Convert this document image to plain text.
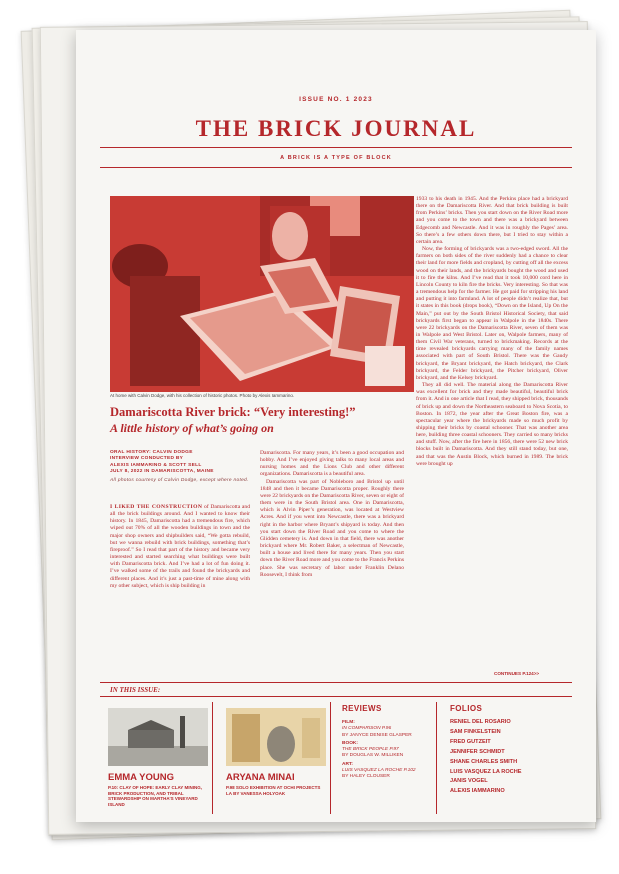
ISSUE NO. 1 2023
THE BRICK JOURNAL
A BRICK IS A TYPE OF BLOCK
At home with Calvin Dodge, with his collection of historic photos. Photo by Alexis Iammarino.
Damariscotta River brick: “Very interesting!”
A little history of what’s going on
ORAL HISTORY: CALVIN DODGE
INTERVIEW CONDUCTED BY
ALEXIS IAMMARINO & SCOTT SELL
JULY 8, 2022 IN DAMARISCOTTA, MAINE
All photos courtesy of Calvin Dodge, except where noted.

I LIKED THE CONSTRUCTION of Damariscotta and all the brick buildings around. And I wanted to know their history. In 1845, Damariscotta had a tremendous fire, which wiped out 70% of all the wooden buildings in town and the major shop owners and shipbuilders said, “We gotta rebuild, but we wanna rebuild with brick buildings, something that’s fireproof.” So I read that part of the history and became very interested and started searching what buildings were built with Damariscotta brick. And I’ve had a lot of fun doing it. I’ve walked some of the trails and found the brickyards and different places. And it’s just a past-time of mine along with my other subject, which is ship building in

Damariscotta. For many years, it’s been a good occupation and hobby. And I’ve enjoyed giving talks to many local areas and nursing homes and the Lions Club and other different organizations. Damariscotta is a beautiful area.

Damariscotta was part of Nobleboro and Bristol up until 1848 and then it became Damariscotta proper. Roughly there were 22 brickyards on the Damariscotta River, seven or eight of them were in the South Bristol area. One in Damariscotta, which is Alvin Piper’s generation, was located at Westview Acres. And if you went into Newcastle, there was a brickyard right in the harbor where Bryant’s shipyard is today. And then you start down the River Road and you come to where the Glidden cemetery is. And down in that field, there was another brickyard where Mr. Robert Baker, a selectman of Newcastle, built a house and lived there for many years. Then you start down the River Road more and you come to the Francis Perkins place. She was secretary of labor under Franklin Delano Roosevelt, I think from

1933 to his death in 1945. And the Perkins place had a brickyard there on the Damariscotta River. And that brick building is built from Perkins’ bricks. Then you start down on the River Road more and you come to the town and there was a brickyard between Edgecomb and Newcastle. And it was in roughly the Pages’ area. So there’s a few others down there, but I tried to stay within a certain area.

Now, the forming of brickyards was a two-edged sword. All the farmers on both sides of the river suddenly had a chance to clear their land for more fields and cropland, by cutting off all the excess wood on their lands, and the brickyards bought the wood and used it to fire the kilns. And I’ve read that it took 10,000 cord here in Lincoln County to kiln fire the bricks. Very interesting. So that was a tremendous help for the farmer. He got paid for stripping his land and putting it into farmland. A lot of people didn’t realize that, but it states in this book (drops book), “Down on the Island, Up On the Main,” put out by the South Bristol Historical Society, that said brickyards first began to appear in Walpole in the 1840s. There were 22 brickyards on the Damariscotta River, seven of them was in Walpole and West Bristol. Later on, Walpole farmers, many of them Civil War veterans, turned to brickmaking. Records at the time revealed brickyards carrying many of the family names associated with part of South Bristol. There was the Gaudy brickyard, the Bryant brickyard, the Hatch brickyard, the Clark brickyard, the Felder brickyard, the Pitcher brickyard, Oliver brickyard, and the Kelsey brickyard.

They all did well. The material along the Damariscotta River was excellent for brick and they made beautiful, beautiful brick from it. And in one article that I read, they shipped brick, thousands of brick up and down the Northeastern seaboard to Nova Scotia, to Boston. In 1872, the year after the Great Boston fire, was a spectacular year where the brickyards made so much profit by shipping their bricks by coastal schooner. That was another area here, building three coastal schooners. They carried so many bricks and stuff. Now, after the fire here in 1856, there were 52 new brick blocks built in Damariscotta. And they still stand today, but one, and that was the Austin Block, which burned in 1989. The brick were brought up

CONTINUES P.124>>
IN THIS ISSUE:
EMMA YOUNG
P.10: CLAY OF HOPE: EARLY CLAY MINING, BRICK PRODUCTION, AND TRIBAL STEWARDSHIP ON MARTHA’S VINEYARD ISLAND
ARYANA MINAI
P.98 SOLO EXHIBITION AT OCHI PROJECTS LA BY VANESSA HOLYOAK
REVIEWS
FILM:
IN COMPARISON P.96
BY JANYCE DENISE GLASPER
BOOK:
THE BRICK PEOPLE P.97
BY DOUGLAS W. MILLIKEN
ART:
LUIS VASQUEZ LA ROCHE P.102
BY HALEY CLOUSER
FOLIOS
RENIEL DEL ROSARIO
SAM FINKELSTEIN
FRED GUTZEIT
JENNIFER SCHMIDT
SHANE CHARLES SMITH
LUIS VASQUEZ LA ROCHE
JANIS VOGEL
ALEXIS IAMMARINO
